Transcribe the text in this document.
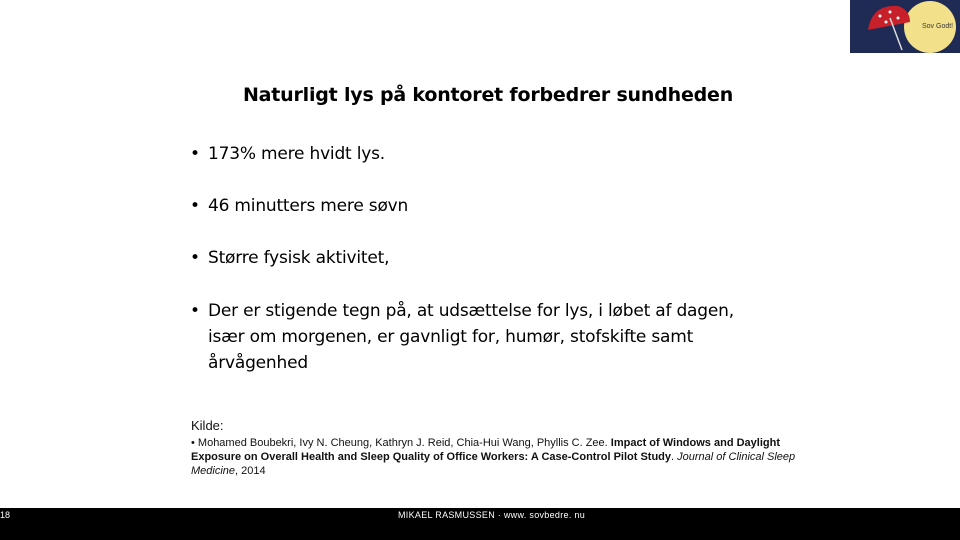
Sov Godt!
Naturligt lys på kontoret forbedrer sundheden
• 173% mere hvidt lys.
• 46 minutters mere søvn
• Større fysisk aktivitet,
• Der er stigende tegn på, at udsættelse for lys, i løbet af dagen,
især om morgenen, er gavnligt for, humør, stofskifte samt
årvågenhed
Kilde:
• Mohamed Boubekri, Ivy N. Cheung, Kathryn J. Reid, Chia-Hui Wang, Phyllis C. Zee. Impact of Windows and Daylight Exposure on Overall Health and Sleep Quality of Office Workers: A Case-Control Pilot Study. Journal of Clinical Sleep Medicine, 2014
18	MIKAEL RASMUSSEN · www. sovbedre. nu
